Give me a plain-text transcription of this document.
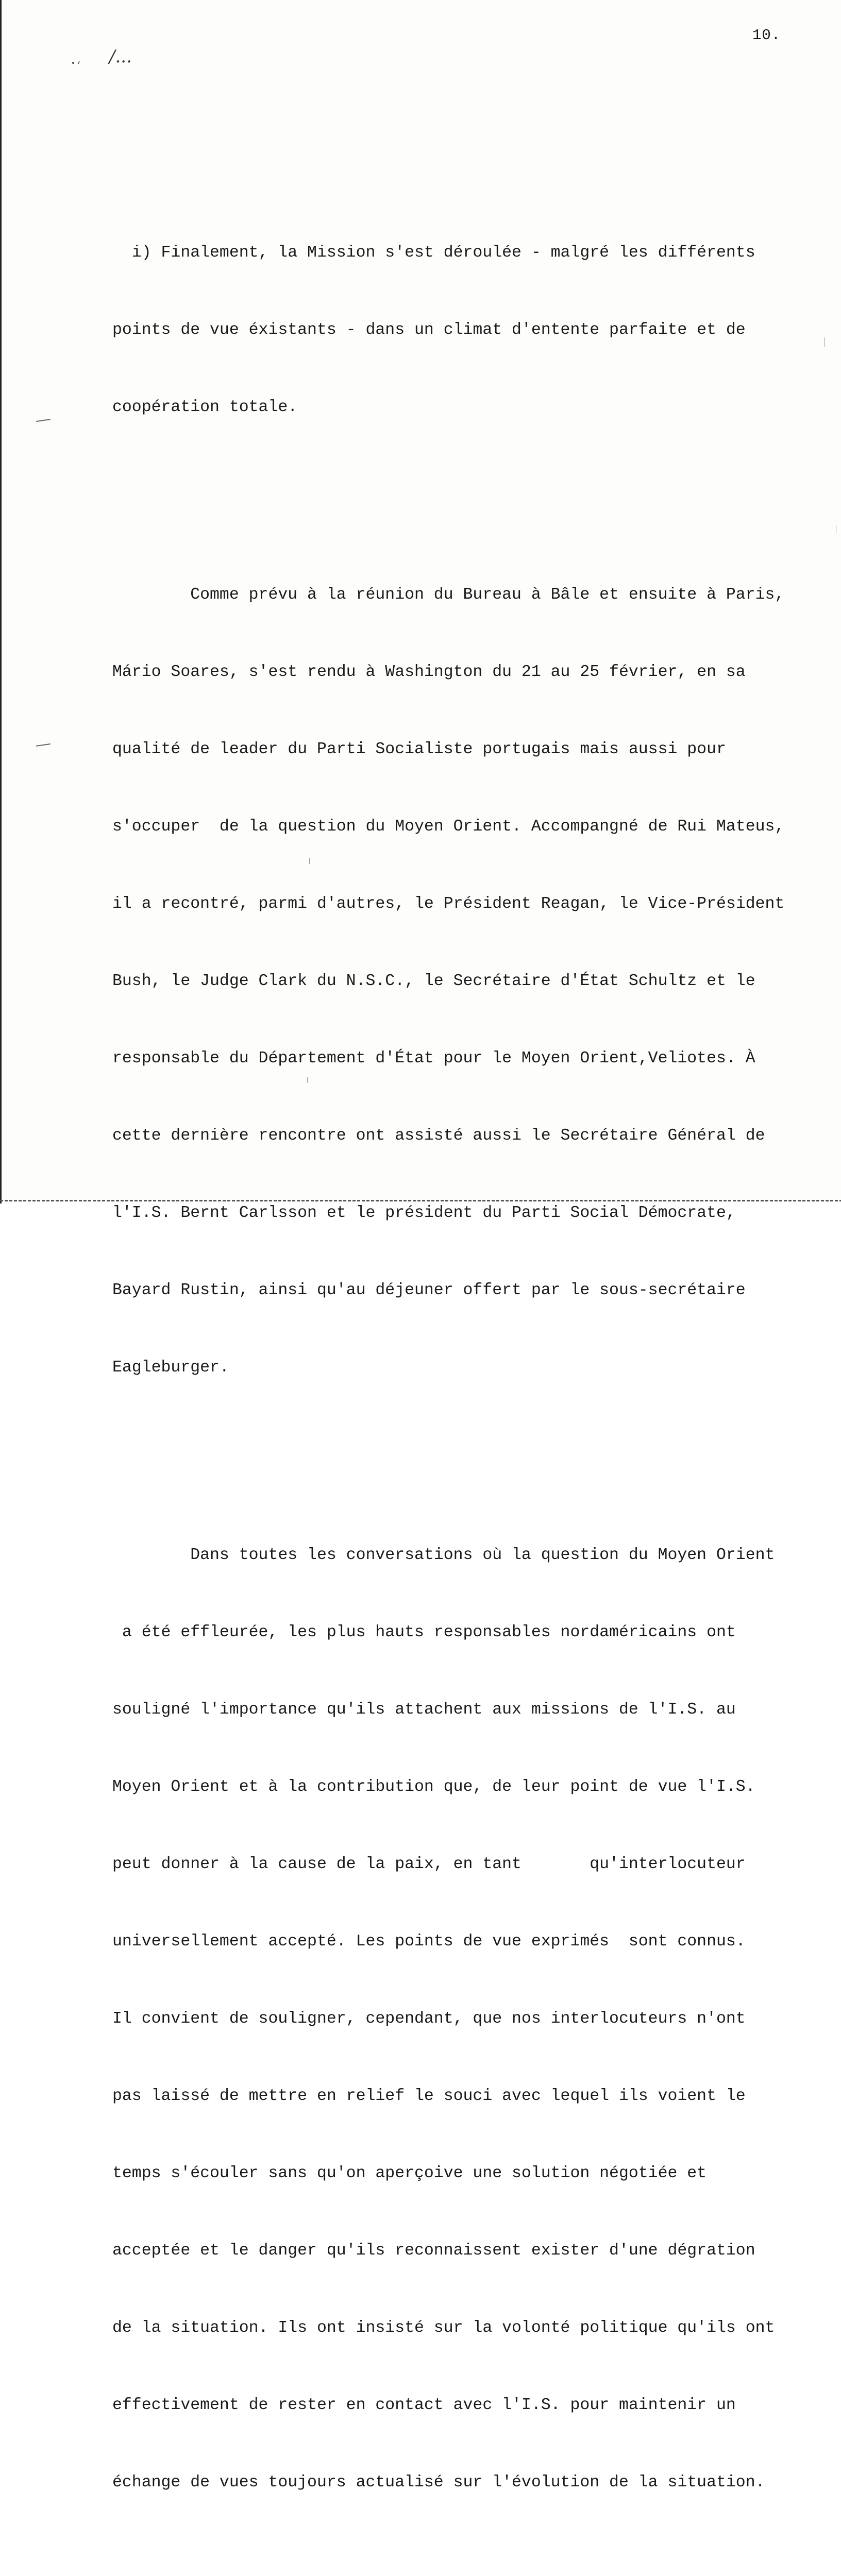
10.
/...

i) Finalement, la Mission s'est déroulée - malgré les différents

points de vue éxistants - dans un climat d'entente parfaite et de

coopération totale.

Comme prévu à la réunion du Bureau à Bâle et ensuite à Paris,

Mário Soares, s'est rendu à Washington du 21 au 25 février, en sa

qualité de leader du Parti Socialiste portugais mais aussi pour

s'occuper  de la question du Moyen Orient. Accompangné de Rui Mateus,

il a recontré, parmi d'autres, le Président Reagan, le Vice-Président

Bush, le Judge Clark du N.S.C., le Secrétaire d'État Schultz et le

responsable du Département d'État pour le Moyen Orient,Veliotes. À

cette dernière rencontre ont assisté aussi le Secrétaire Général de

l'I.S. Bernt Carlsson et le président du Parti Social Démocrate,

Bayard Rustin, ainsi qu'au déjeuner offert par le sous-secrétaire

Eagleburger.

Dans toutes les conversations où la question du Moyen Orient

a été effleurée, les plus hauts responsables nordaméricains ont

souligné l'importance qu'ils attachent aux missions de l'I.S. au

Moyen Orient et à la contribution que, de leur point de vue l'I.S.

peut donner à la cause de la paix, en tant       qu'interlocuteur

universellement accepté. Les points de vue exprimés  sont connus.

Il convient de souligner, cependant, que nos interlocuteurs n'ont

pas laissé de mettre en relief le souci avec lequel ils voient le

temps s'écouler sans qu'on aperçoive une solution négotiée et

acceptée et le danger qu'ils reconnaissent exister d'une dégration

de la situation. Ils ont insisté sur la volonté politique qu'ils ont

effectivement de rester en contact avec l'I.S. pour maintenir un

échange de vues toujours actualisé sur l'évolution de la situation.
